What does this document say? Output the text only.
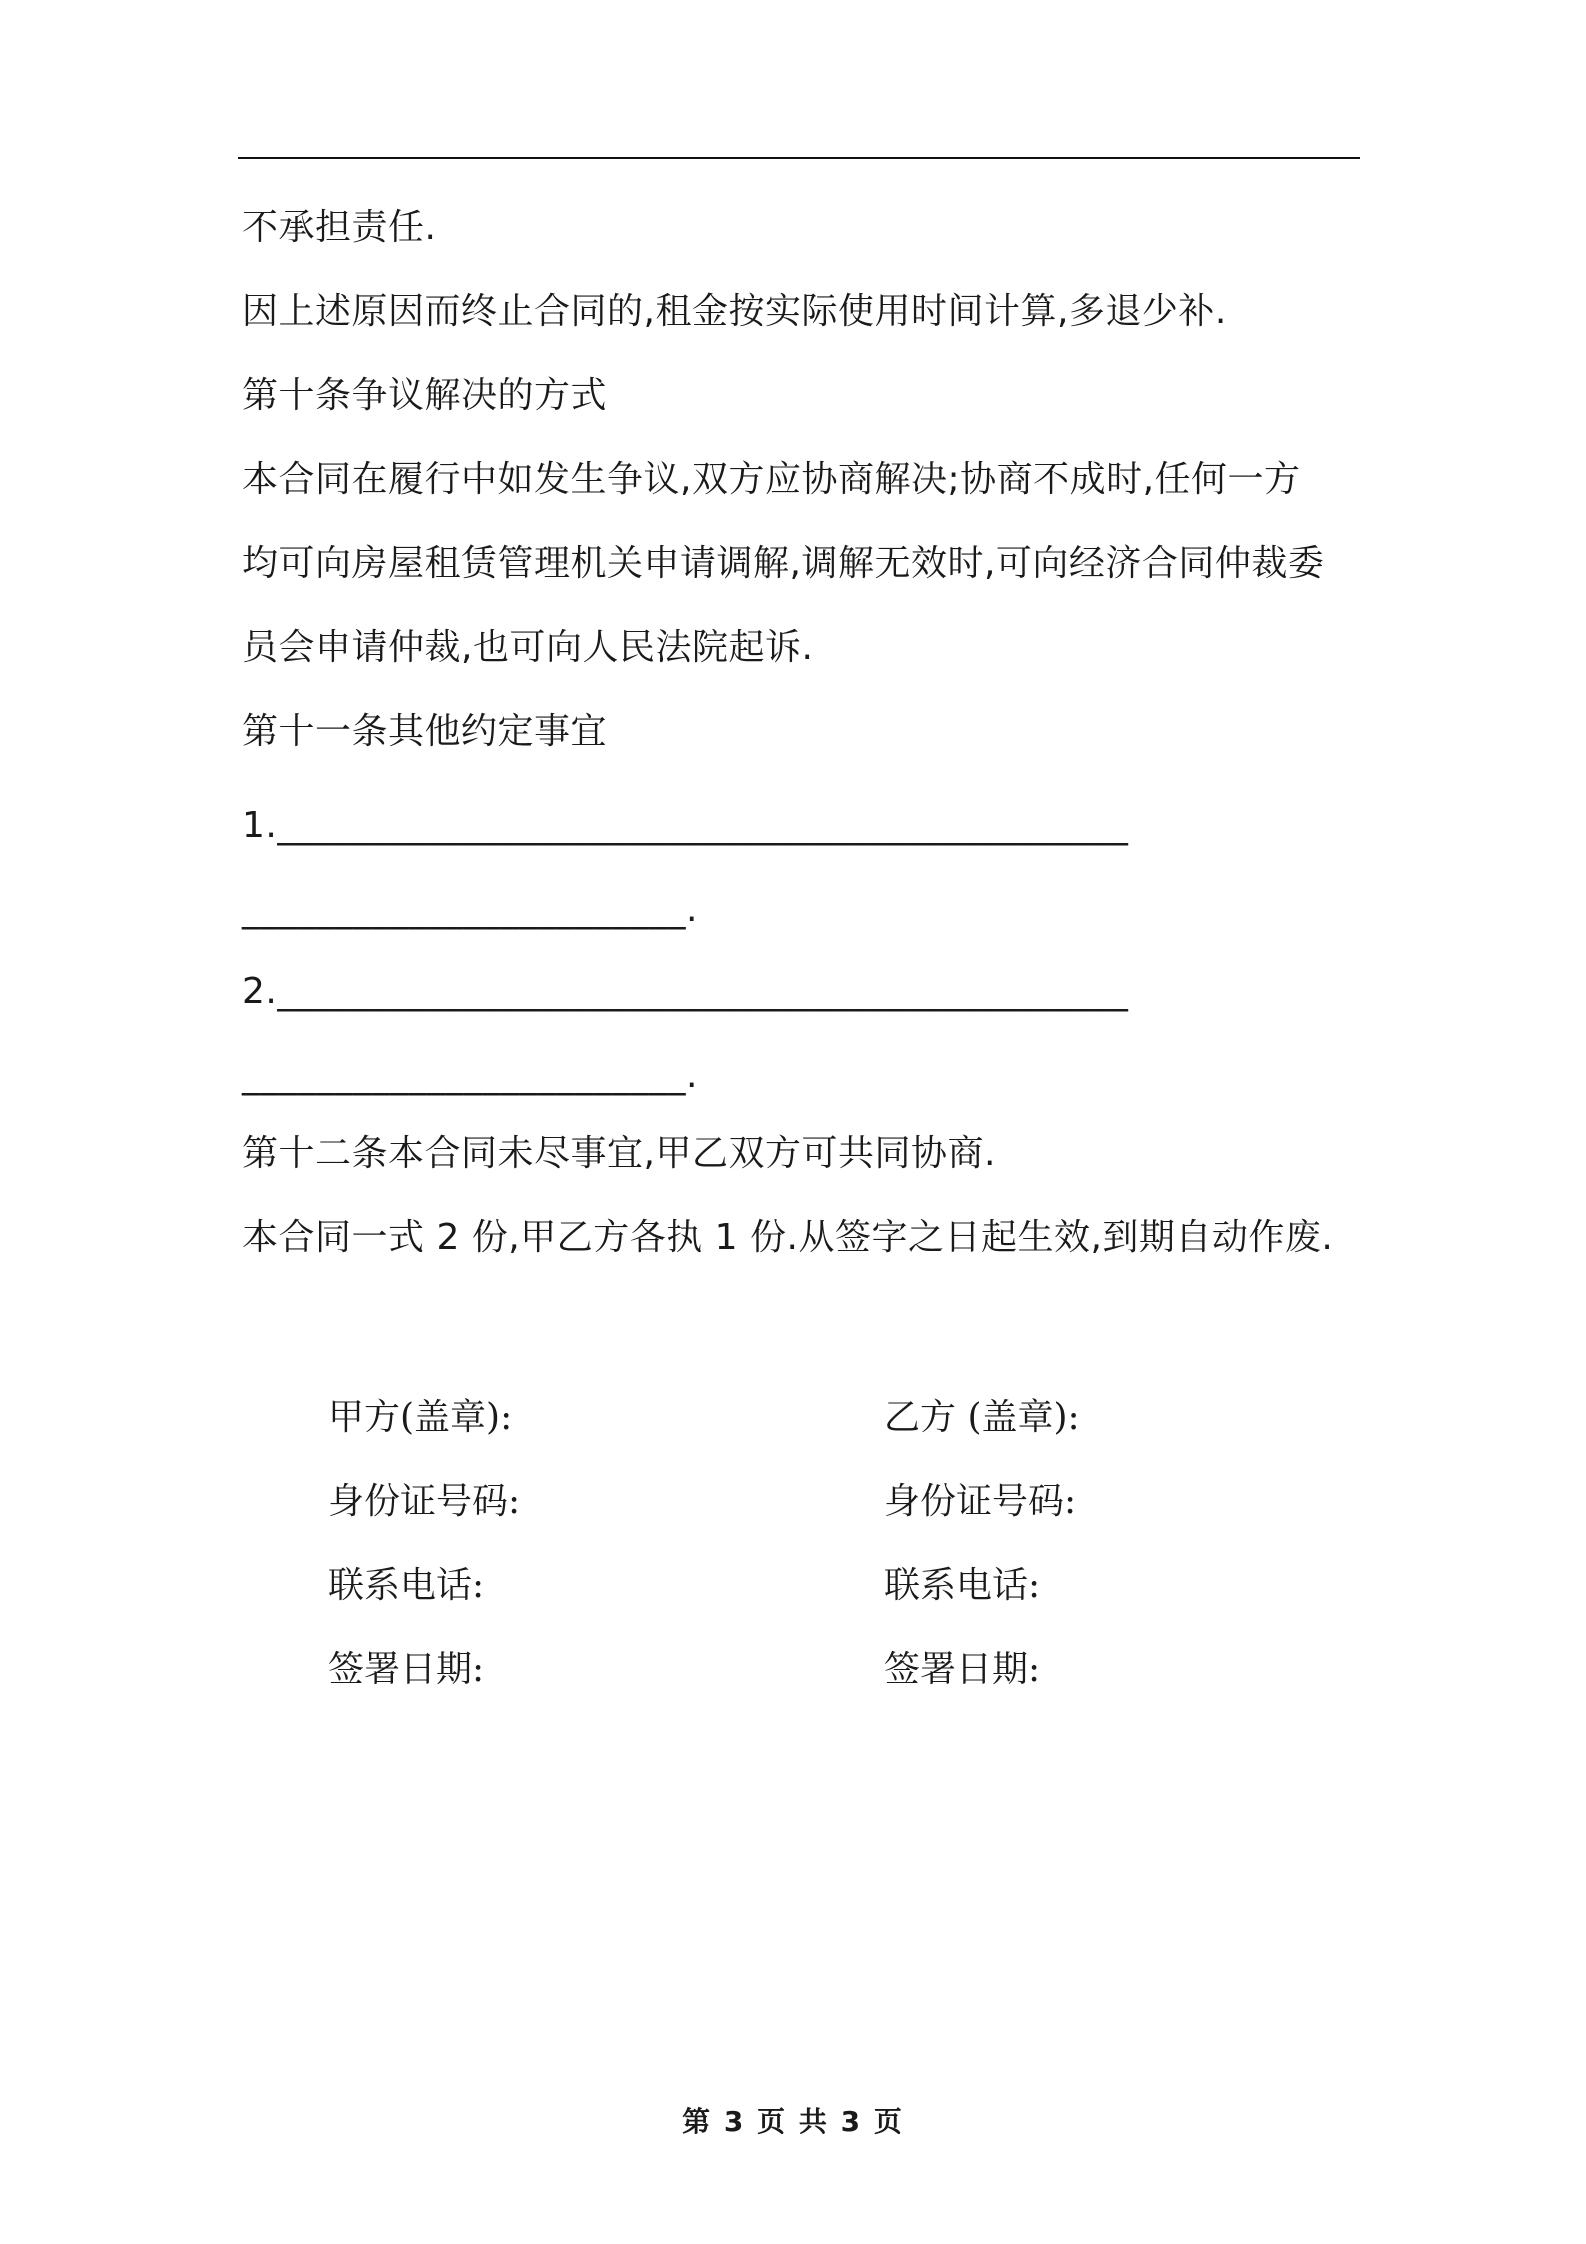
不承担责任.

因上述原因而终止合同的,租金按实际使用时间计算,多退少补.

第十条争议解决的方式

本合同在履行中如发生争议,双方应协商解决;协商不成时,任何一方

均可向房屋租赁管理机关申请调解,调解无效时,可向经济合同仲裁委

员会申请仲裁,也可向人民法院起诉.

第十一条其他约定事宜

1.______________________________________________

________________________.

2.______________________________________________

________________________.

第十二条本合同未尽事宜,甲乙双方可共同协商.

本合同一式 2 份,甲乙方各执 1 份.从签字之日起生效,到期自动作废.

甲方(盖章):

身份证号码:

联系电话:

签署日期:

乙方 (盖章):

身份证号码:

联系电话:

签署日期:

第 3 页 共 3 页
